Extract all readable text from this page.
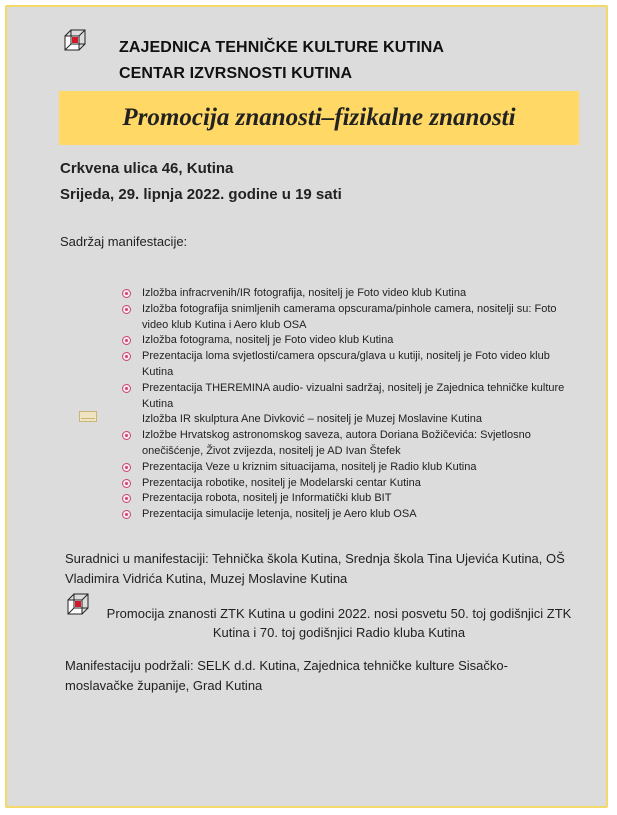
ZAJEDNICA TEHNIČKE KULTURE KUTINA
CENTAR IZVRSNOSTI KUTINA
Promocija znanosti–fizikalne znanosti
Crkvena ulica 46, Kutina
Srijeda, 29. lipnja 2022. godine u 19 sati
Sadržaj manifestacije:
Izložba infracrvenih/IR fotografija, nositelj je Foto video klub Kutina
Izložba fotografija snimljenih camerama opscurama/pinhole camera, nositelji su: Foto video klub Kutina i Aero klub OSA
Izložba fotograma, nositelj je Foto video klub Kutina
Prezentacija loma svjetlosti/camera opscura/glava u kutiji, nositelj je Foto video klub Kutina
Prezentacija THEREMINA audio- vizualni sadržaj, nositelj je Zajednica tehničke kulture Kutina
Izložba IR skulptura Ane Divković – nositelj je Muzej Moslavine Kutina
Izložbe Hrvatskog astronomskog saveza, autora Doriana Božičevića: Svjetlosno onečišćenje, Život zvijezda, nositelj je AD Ivan Štefek
Prezentacija Veze u kriznim situacijama, nositelj je Radio klub Kutina
Prezentacija robotike, nositelj je Modelarski centar Kutina
Prezentacija robota, nositelj je Informatički klub BIT
Prezentacija simulacije letenja, nositelj je Aero klub OSA
Suradnici u manifestaciji: Tehnička škola Kutina, Srednja škola Tina Ujevića Kutina, OŠ Vladimira Vidrića Kutina, Muzej Moslavine Kutina
Promocija znanosti ZTK Kutina u godini 2022. nosi posvetu 50. toj godišnjici ZTK Kutina i 70. toj godišnjici Radio kluba Kutina
Manifestaciju podržali: SELK d.d. Kutina, Zajednica tehničke kulture Sisačko-moslavačke županije, Grad Kutina
